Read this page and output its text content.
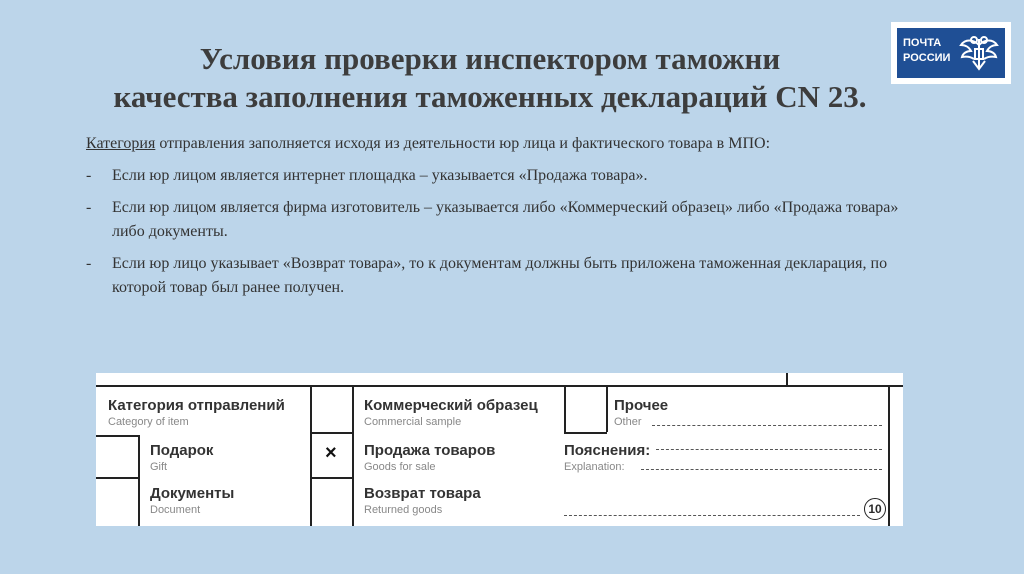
Условия проверки инспектором таможни
качества заполнения таможенных деклараций CN 23.
ПОЧТА
РОССИИ

Категория отправления заполняется исходя из деятельности юр лица и фактического товара в МПО:

- Если юр лицом является интернет площадка – указывается «Продажа товара».
- Если юр лицом является фирма изготовитель – указывается либо «Коммерческий образец» либо «Продажа товара» либо документы.
- Если юр лицо указывает «Возврат товара», то к документам должны быть приложена таможенная декларация, по которой товар был ранее получен.
Категория отправлений
Category of item
Подарок
Gift
Документы
Document
Коммерческий образец
Commercial sample
× Продажа товаров
Goods for sale
Возврат товара
Returned goods
Прочее
Other
Пояснения:
Explanation:
10
